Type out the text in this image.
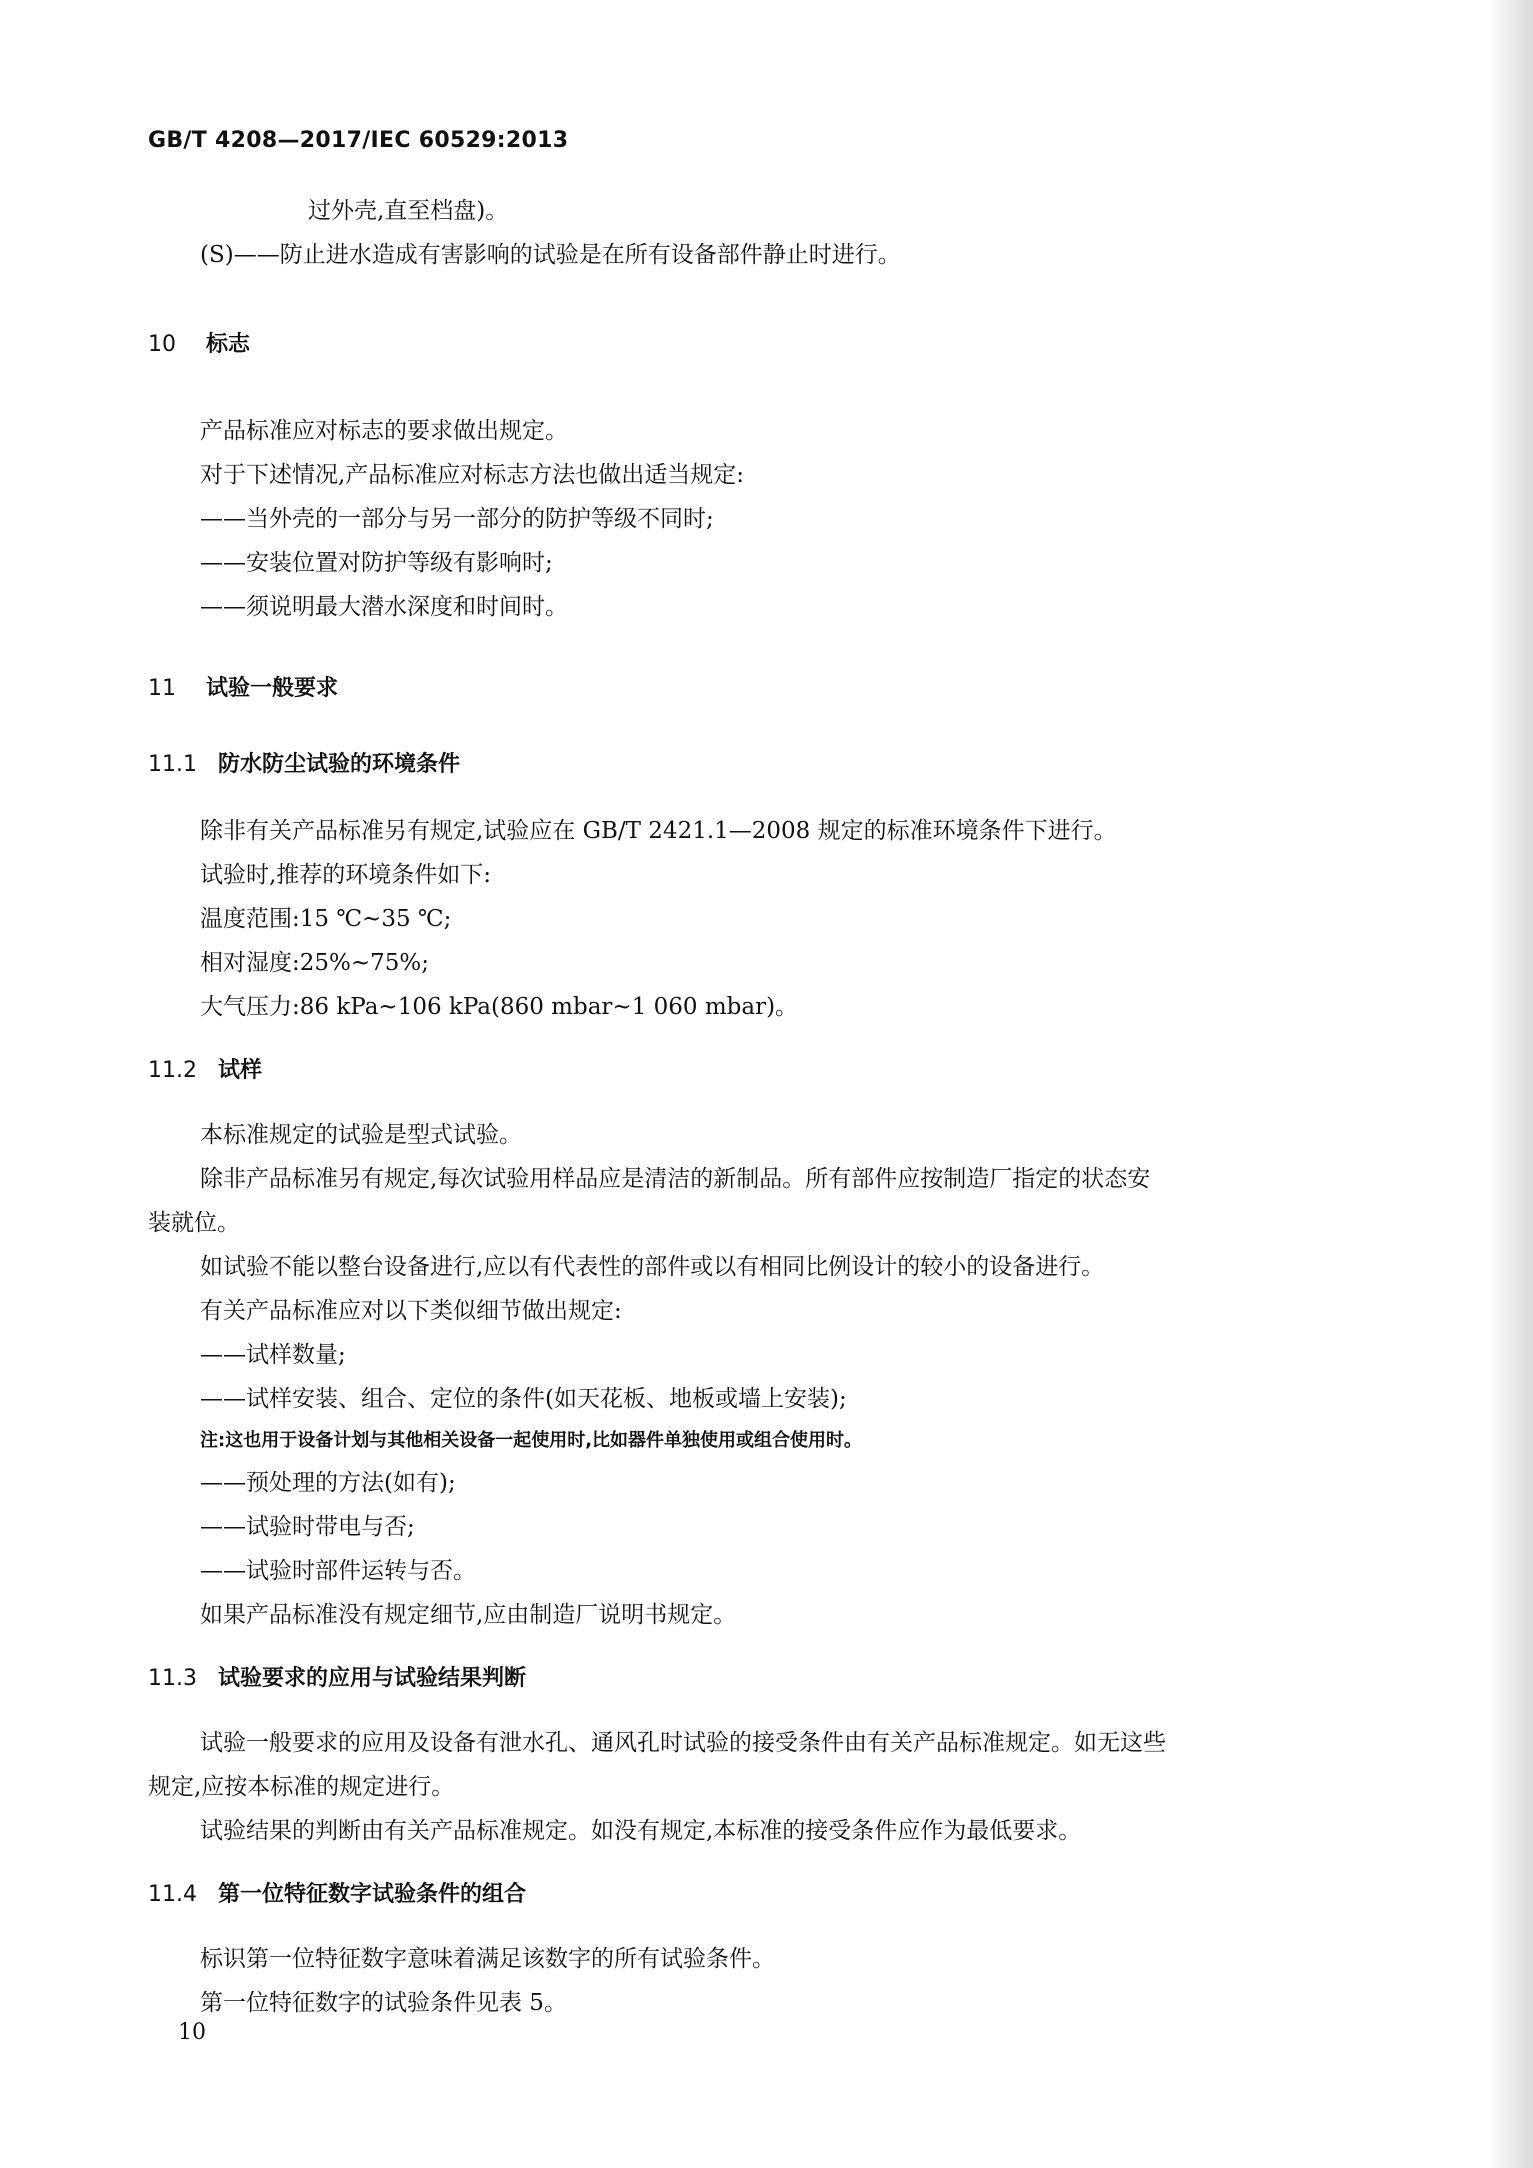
GB/T 4208—2017/IEC 60529:2013
过外壳,直至档盘)。
(S)——防止进水造成有害影响的试验是在所有设备部件静止时进行。
10 标志
产品标准应对标志的要求做出规定。
对于下述情况,产品标准应对标志方法也做出适当规定:
——当外壳的一部分与另一部分的防护等级不同时;
——安装位置对防护等级有影响时;
——须说明最大潜水深度和时间时。
11 试验一般要求
11.1 防水防尘试验的环境条件
除非有关产品标准另有规定,试验应在 GB/T 2421.1—2008 规定的标准环境条件下进行。
试验时,推荐的环境条件如下:
温度范围:15 ℃~35 ℃;
相对湿度:25%~75%;
大气压力:86 kPa~106 kPa(860 mbar~1 060 mbar)。
11.2 试样
本标准规定的试验是型式试验。
除非产品标准另有规定,每次试验用样品应是清洁的新制品。所有部件应按制造厂指定的状态安
装就位。
如试验不能以整台设备进行,应以有代表性的部件或以有相同比例设计的较小的设备进行。
有关产品标准应对以下类似细节做出规定:
——试样数量;
——试样安装、组合、定位的条件(如天花板、地板或墙上安装);
注:这也用于设备计划与其他相关设备一起使用时,比如器件单独使用或组合使用时。
——预处理的方法(如有);
——试验时带电与否;
——试验时部件运转与否。
如果产品标准没有规定细节,应由制造厂说明书规定。
11.3 试验要求的应用与试验结果判断
试验一般要求的应用及设备有泄水孔、通风孔时试验的接受条件由有关产品标准规定。如无这些
规定,应按本标准的规定进行。
试验结果的判断由有关产品标准规定。如没有规定,本标准的接受条件应作为最低要求。
11.4 第一位特征数字试验条件的组合
标识第一位特征数字意味着满足该数字的所有试验条件。
第一位特征数字的试验条件见表 5。
10
